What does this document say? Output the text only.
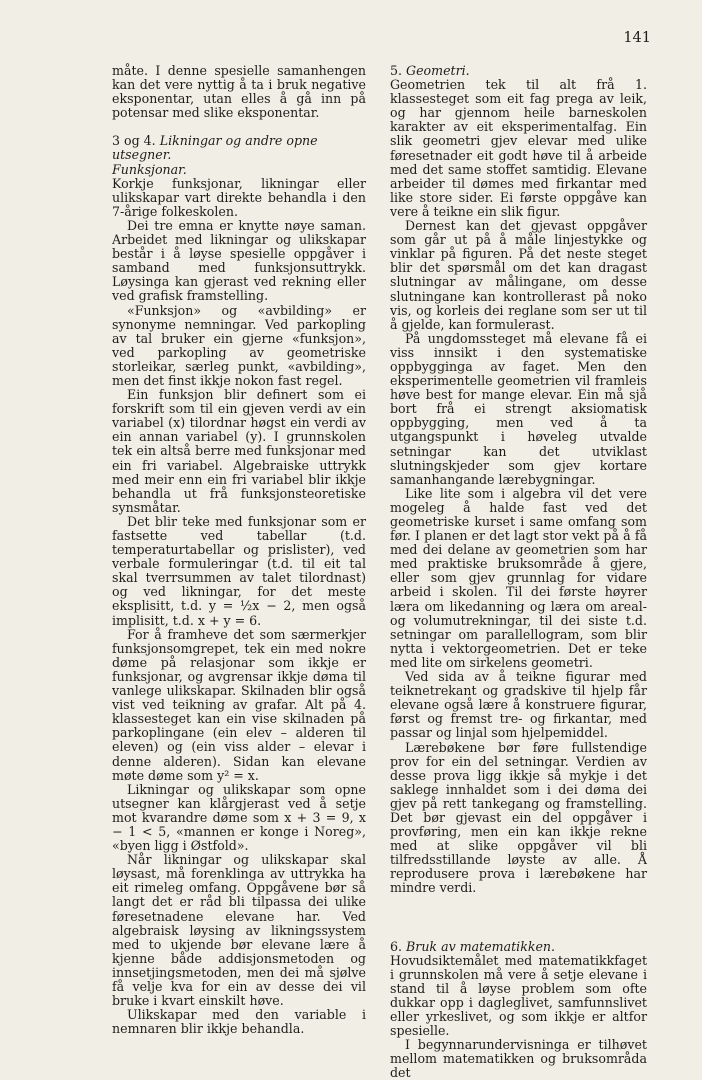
141

måte. I denne spesielle samanhengen kan det vere nyttig å ta i bruk negative eksponentar, utan elles å gå inn på potensar med slike eksponentar.

3 og 4. Likningar og andre opne utsegner.

Funksjonar.

Korkje funksjonar, likningar eller ulikskapar vart direkte behandla i den 7-årige folkeskolen.

Dei tre emna er knytte nøye saman. Arbeidet med likningar og ulikskapar består i å løyse spesielle oppgåver i samband med funksjonsuttrykk. Løysinga kan gjerast ved rekning eller ved grafisk framstelling.

«Funksjon» og «avbilding» er synonyme nemningar. Ved parkopling av tal bruker ein gjerne «funksjon», ved parkopling av geometriske storleikar, særleg punkt, «avbilding», men det finst ikkje nokon fast regel.

Ein funksjon blir definert som ei forskrift som til ein gjeven verdi av ein variabel (x) tilordnar høgst ein verdi av ein annan variabel (y). I grunnskolen tek ein altså berre med funksjonar med ein fri variabel. Algebraiske uttrykk med meir enn ein fri variabel blir ikkje behandla ut frå funksjonsteoretiske synsmåtar.

Det blir teke med funksjonar som er fastsette ved tabellar (t.d. temperaturtabellar og prislister), ved verbale formuleringar (t.d. til eit tal skal tverrsummen av talet tilordnast) og ved likningar, for det meste eksplisitt, t.d. y = ½x − 2, men også implisitt, t.d. x + y = 6.

For å framheve det som særmerkjer funksjonsomgrepet, tek ein med nokre døme på relasjonar som ikkje er funksjonar, og avgrensar ikkje døma til vanlege ulikskapar. Skilnaden blir også vist ved teikning av grafar. Alt på 4. klassesteget kan ein vise skilnaden på parkoplingane (ein elev – alderen til eleven) og (ein viss alder – elevar i denne alderen). Sidan kan elevane møte døme som y² = x.

Likningar og ulikskapar som opne utsegner kan klårgjerast ved å setje mot kvarandre døme som x + 3 = 9, x − 1 < 5, «mannen er konge i Noreg», «byen ligg i Østfold».

Når likningar og ulikskapar skal løysast, må forenklinga av uttrykka ha eit rimeleg omfang. Oppgåvene bør så langt det er råd bli tilpassa dei ulike føresetnadene elevane har. Ved algebraisk løysing av likningssystem med to ukjende bør elevane lære å kjenne både addisjonsmetoden og innsetjingsmetoden, men dei må sjølve få velje kva for ein av desse dei vil bruke i kvart einskilt høve.

Ulikskapar med den variable i nemnaren blir ikkje behandla.

5. Geometri.

Geometrien tek til alt frå 1. klassesteget som eit fag prega av leik, og har gjennom heile barneskolen karakter av eit eksperimentalfag. Ein slik geometri gjev elevar med ulike føresetnader eit godt høve til å arbeide med det same stoffet samtidig. Elevane arbeider til dømes med firkantar med like store sider. Ei første oppgåve kan vere å teikne ein slik figur.

Dernest kan det gjevast oppgåver som går ut på å måle linjestykke og vinklar på figuren. På det neste steget blir det spørsmål om det kan dragast slutningar av målingane, om desse slutningane kan kontrollerast på noko vis, og korleis dei reglane som ser ut til å gjelde, kan formulerast.

På ungdomssteget må elevane få ei viss innsikt i den systematiske oppbygginga av faget. Men den eksperimentelle geometrien vil framleis høve best for mange elevar. Ein må sjå bort frå ei strengt aksiomatisk oppbygging, men ved å ta utgangspunkt i høveleg utvalde setningar kan det utviklast slutningskjeder som gjev kortare samanhangande lærebygningar.

Like lite som i algebra vil det vere mogeleg å halde fast ved det geometriske kurset i same omfang som før. I planen er det lagt stor vekt på å få med dei delane av geometrien som har med praktiske bruksområde å gjere, eller som gjev grunnlag for vidare arbeid i skolen. Til dei første høyrer læra om likedanning og læra om areal- og volumutrekningar, til dei siste t.d. setningar om parallellogram, som blir nytta i vektorgeometrien. Det er teke med lite om sirkelens geometri.

Ved sida av å teikne figurar med teiknetrekant og gradskive til hjelp får elevane også lære å konstruere figurar, først og fremst tre- og firkantar, med passar og linjal som hjelpemiddel.

Lærebøkene bør føre fullstendige prov for ein del setningar. Verdien av desse prova ligg ikkje så mykje i det saklege innhaldet som i dei døma dei gjev på rett tankegang og framstelling. Det bør gjevast ein del oppgåver i provføring, men ein kan ikkje rekne med at slike oppgåver vil bli tilfredsstillande løyste av alle. Å reprodusere prova i lærebøkene har mindre verdi.

6. Bruk av matematikken.

Hovudsiktemålet med matematikkfaget i grunnskolen må vere å setje elevane i stand til å løyse problem som ofte dukkar opp i dagleglivet, samfunnslivet eller yrkeslivet, og som ikkje er altfor spesielle.

I begynnarundervisninga er tilhøvet mellom matematikken og bruksområda det
